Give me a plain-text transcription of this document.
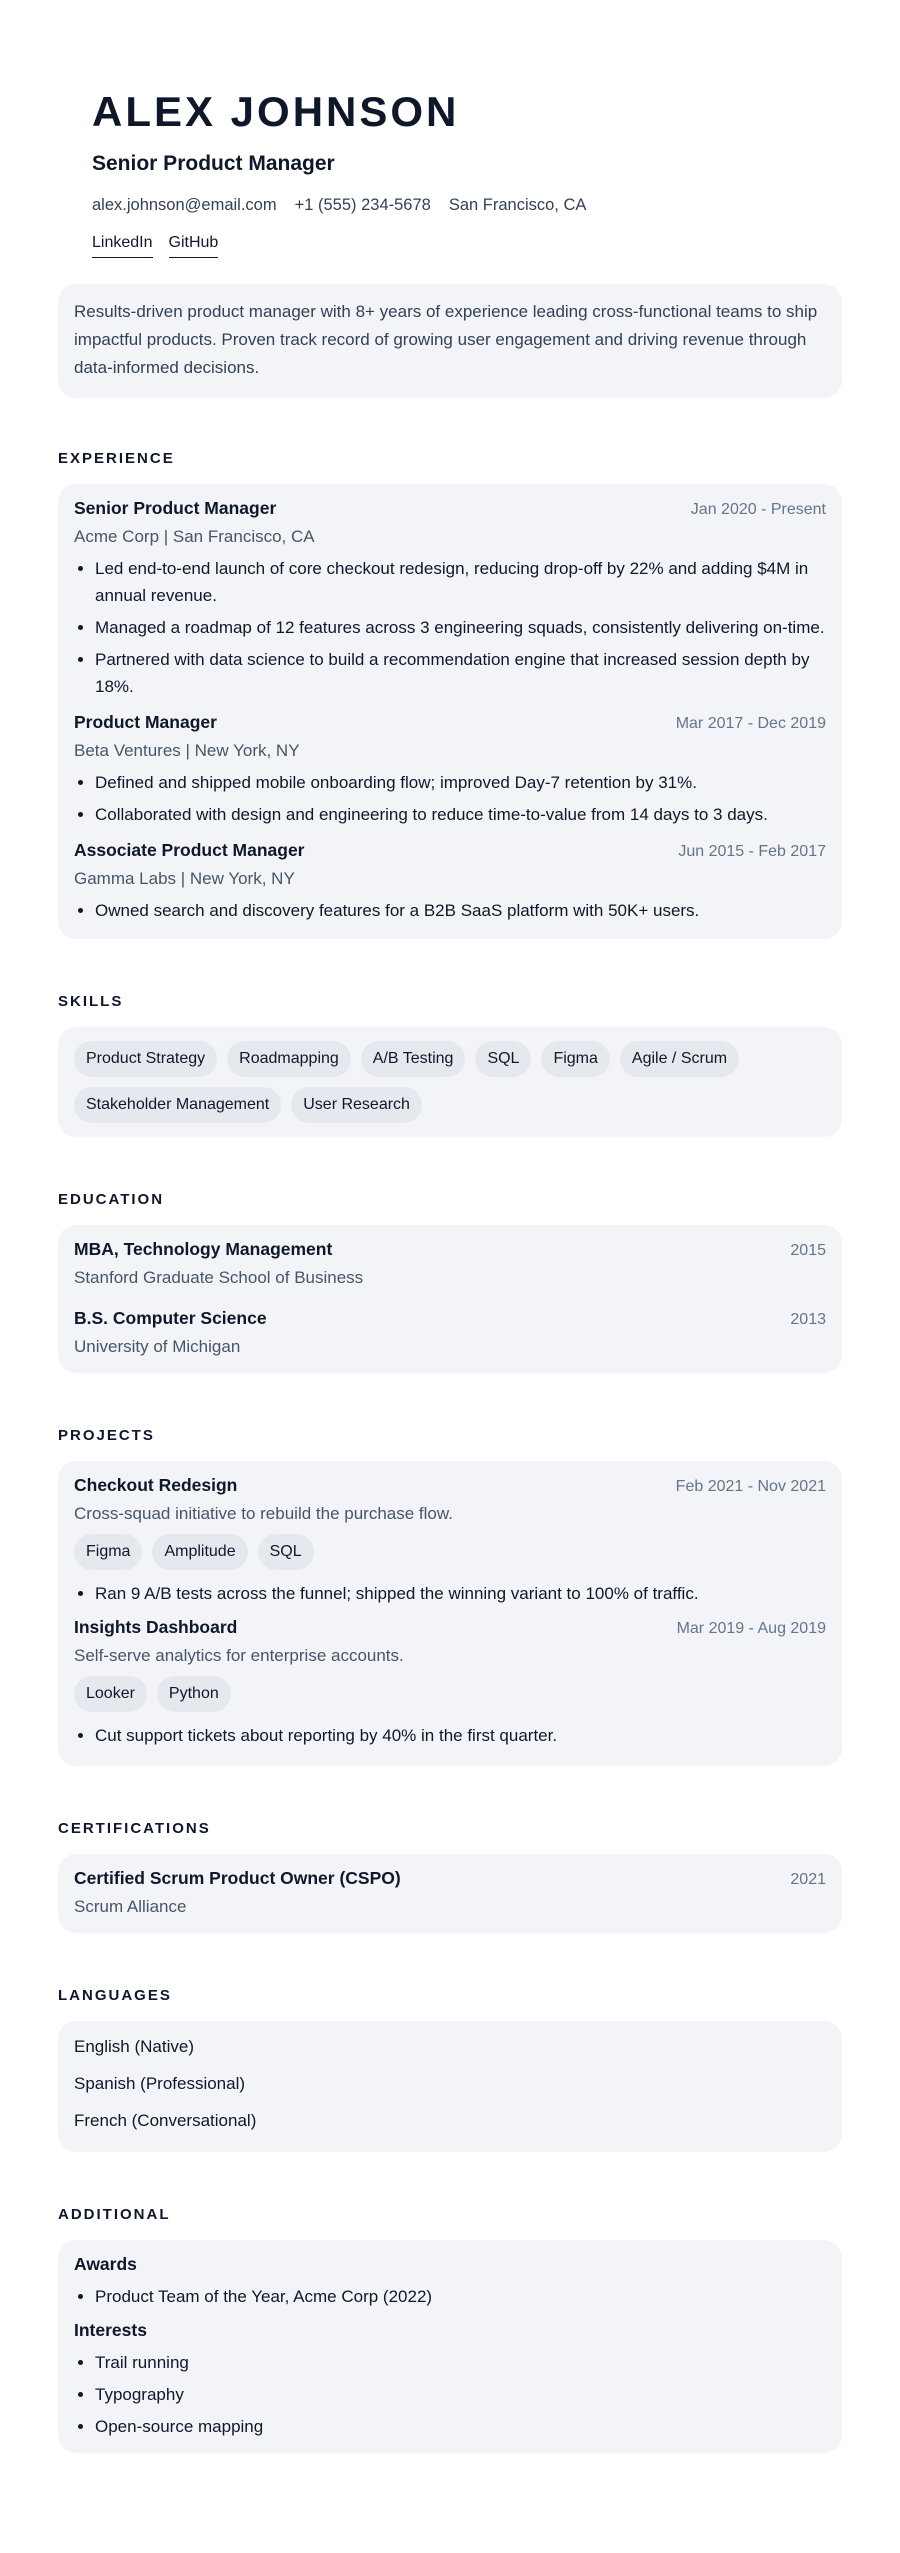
ALEX JOHNSON
Senior Product Manager
alex.johnson@email.com +1 (555) 234-5678 San Francisco, CA
LinkedIn GitHub

Results-driven product manager with 8+ years of experience leading cross-functional teams to ship impactful products. Proven track record of growing user engagement and driving revenue through data-informed decisions.

EXPERIENCE
Senior Product Manager	Jan 2020 - Present
Acme Corp | San Francisco, CA
• Led end-to-end launch of core checkout redesign, reducing drop-off by 22% and adding $4M in annual revenue.
• Managed a roadmap of 12 features across 3 engineering squads, consistently delivering on-time.
• Partnered with data science to build a recommendation engine that increased session depth by 18%.
Product Manager	Mar 2017 - Dec 2019
Beta Ventures | New York, NY
• Defined and shipped mobile onboarding flow; improved Day-7 retention by 31%.
• Collaborated with design and engineering to reduce time-to-value from 14 days to 3 days.
Associate Product Manager	Jun 2015 - Feb 2017
Gamma Labs | New York, NY
• Owned search and discovery features for a B2B SaaS platform with 50K+ users.
SKILLS
Product Strategy	Roadmapping	A/B Testing	SQL	Figma	Agile / Scrum
Stakeholder Management	User Research
EDUCATION
MBA, Technology Management	2015
Stanford Graduate School of Business
B.S. Computer Science	2013
University of Michigan
PROJECTS
Checkout Redesign	Feb 2021 - Nov 2021
Cross-squad initiative to rebuild the purchase flow.
Figma	Amplitude	SQL
• Ran 9 A/B tests across the funnel; shipped the winning variant to 100% of traffic.
Insights Dashboard	Mar 2019 - Aug 2019
Self-serve analytics for enterprise accounts.
Looker	Python
• Cut support tickets about reporting by 40% in the first quarter.
CERTIFICATIONS
Certified Scrum Product Owner (CSPO)	2021
Scrum Alliance
LANGUAGES
English (Native)
Spanish (Professional)
French (Conversational)
ADDITIONAL
Awards
• Product Team of the Year, Acme Corp (2022)
Interests
• Trail running
• Typography
• Open-source mapping
